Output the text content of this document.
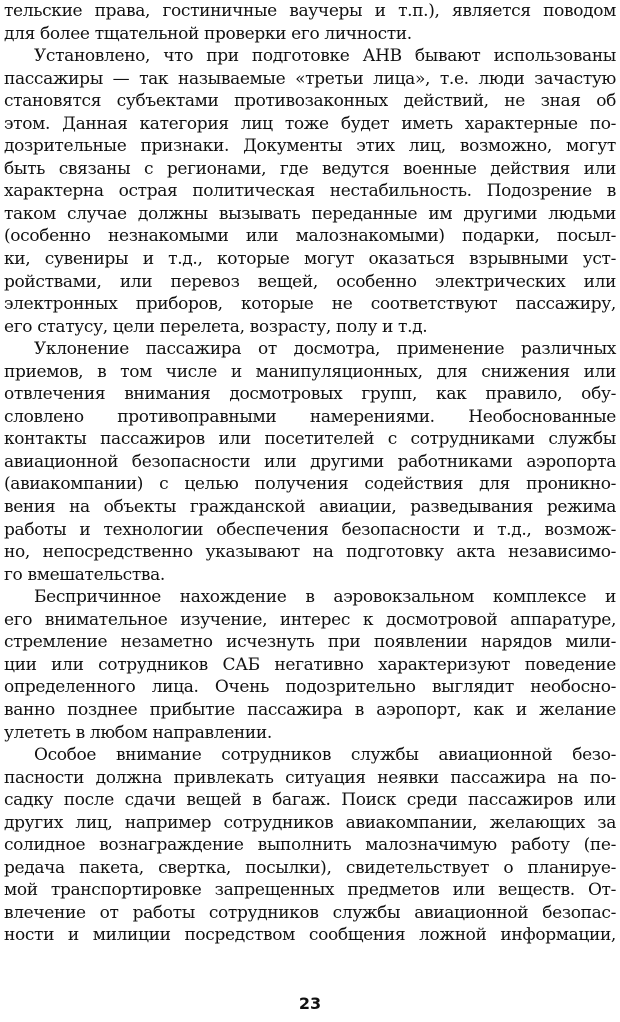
тельские права, гостиничные ваучеры и т.п.), является поводом
для более тщательной проверки его личности.
Установлено, что при подготовке АНВ бывают использованы
пассажиры — так называемые «третьи лица», т.е. люди зачастую
становятся субъектами противозаконных действий, не зная об
этом. Данная категория лиц тоже будет иметь характерные по-
дозрительные признаки. Документы этих лиц, возможно, могут
быть связаны с регионами, где ведутся военные действия или
характерна острая политическая нестабильность. Подозрение в
таком случае должны вызывать переданные им другими людьми
(особенно незнакомыми или малознакомыми) подарки, посыл-
ки, сувениры и т.д., которые могут оказаться взрывными уст-
ройствами, или перевоз вещей, особенно электрических или
электронных приборов, которые не соответствуют пассажиру,
его статусу, цели перелета, возрасту, полу и т.д.
Уклонение пассажира от досмотра, применение различных
приемов, в том числе и манипуляционных, для снижения или
отвлечения внимания досмотровых групп, как правило, обу-
словлено противоправными намерениями. Необоснованные
контакты пассажиров или посетителей с сотрудниками службы
авиационной безопасности или другими работниками аэропорта
(авиакомпании) с целью получения содействия для проникно-
вения на объекты гражданской авиации, разведывания режима
работы и технологии обеспечения безопасности и т.д., возмож-
но, непосредственно указывают на подготовку акта независимо-
го вмешательства.
Беспричинное нахождение в аэровокзальном комплексе и
его внимательное изучение, интерес к досмотровой аппаратуре,
стремление незаметно исчезнуть при появлении нарядов мили-
ции или сотрудников САБ негативно характеризуют поведение
определенного лица. Очень подозрительно выглядит необосно-
ванно позднее прибытие пассажира в аэропорт, как и желание
улететь в любом направлении.
Особое внимание сотрудников службы авиационной безо-
пасности должна привлекать ситуация неявки пассажира на по-
садку после сдачи вещей в багаж. Поиск среди пассажиров или
других лиц, например сотрудников авиакомпании, желающих за
солидное вознаграждение выполнить малозначимую работу (пе-
редача пакета, свертка, посылки), свидетельствует о планируе-
мой транспортировке запрещенных предметов или веществ. От-
влечение от работы сотрудников службы авиационной безопас-
ности и милиции посредством сообщения ложной информации,
23
